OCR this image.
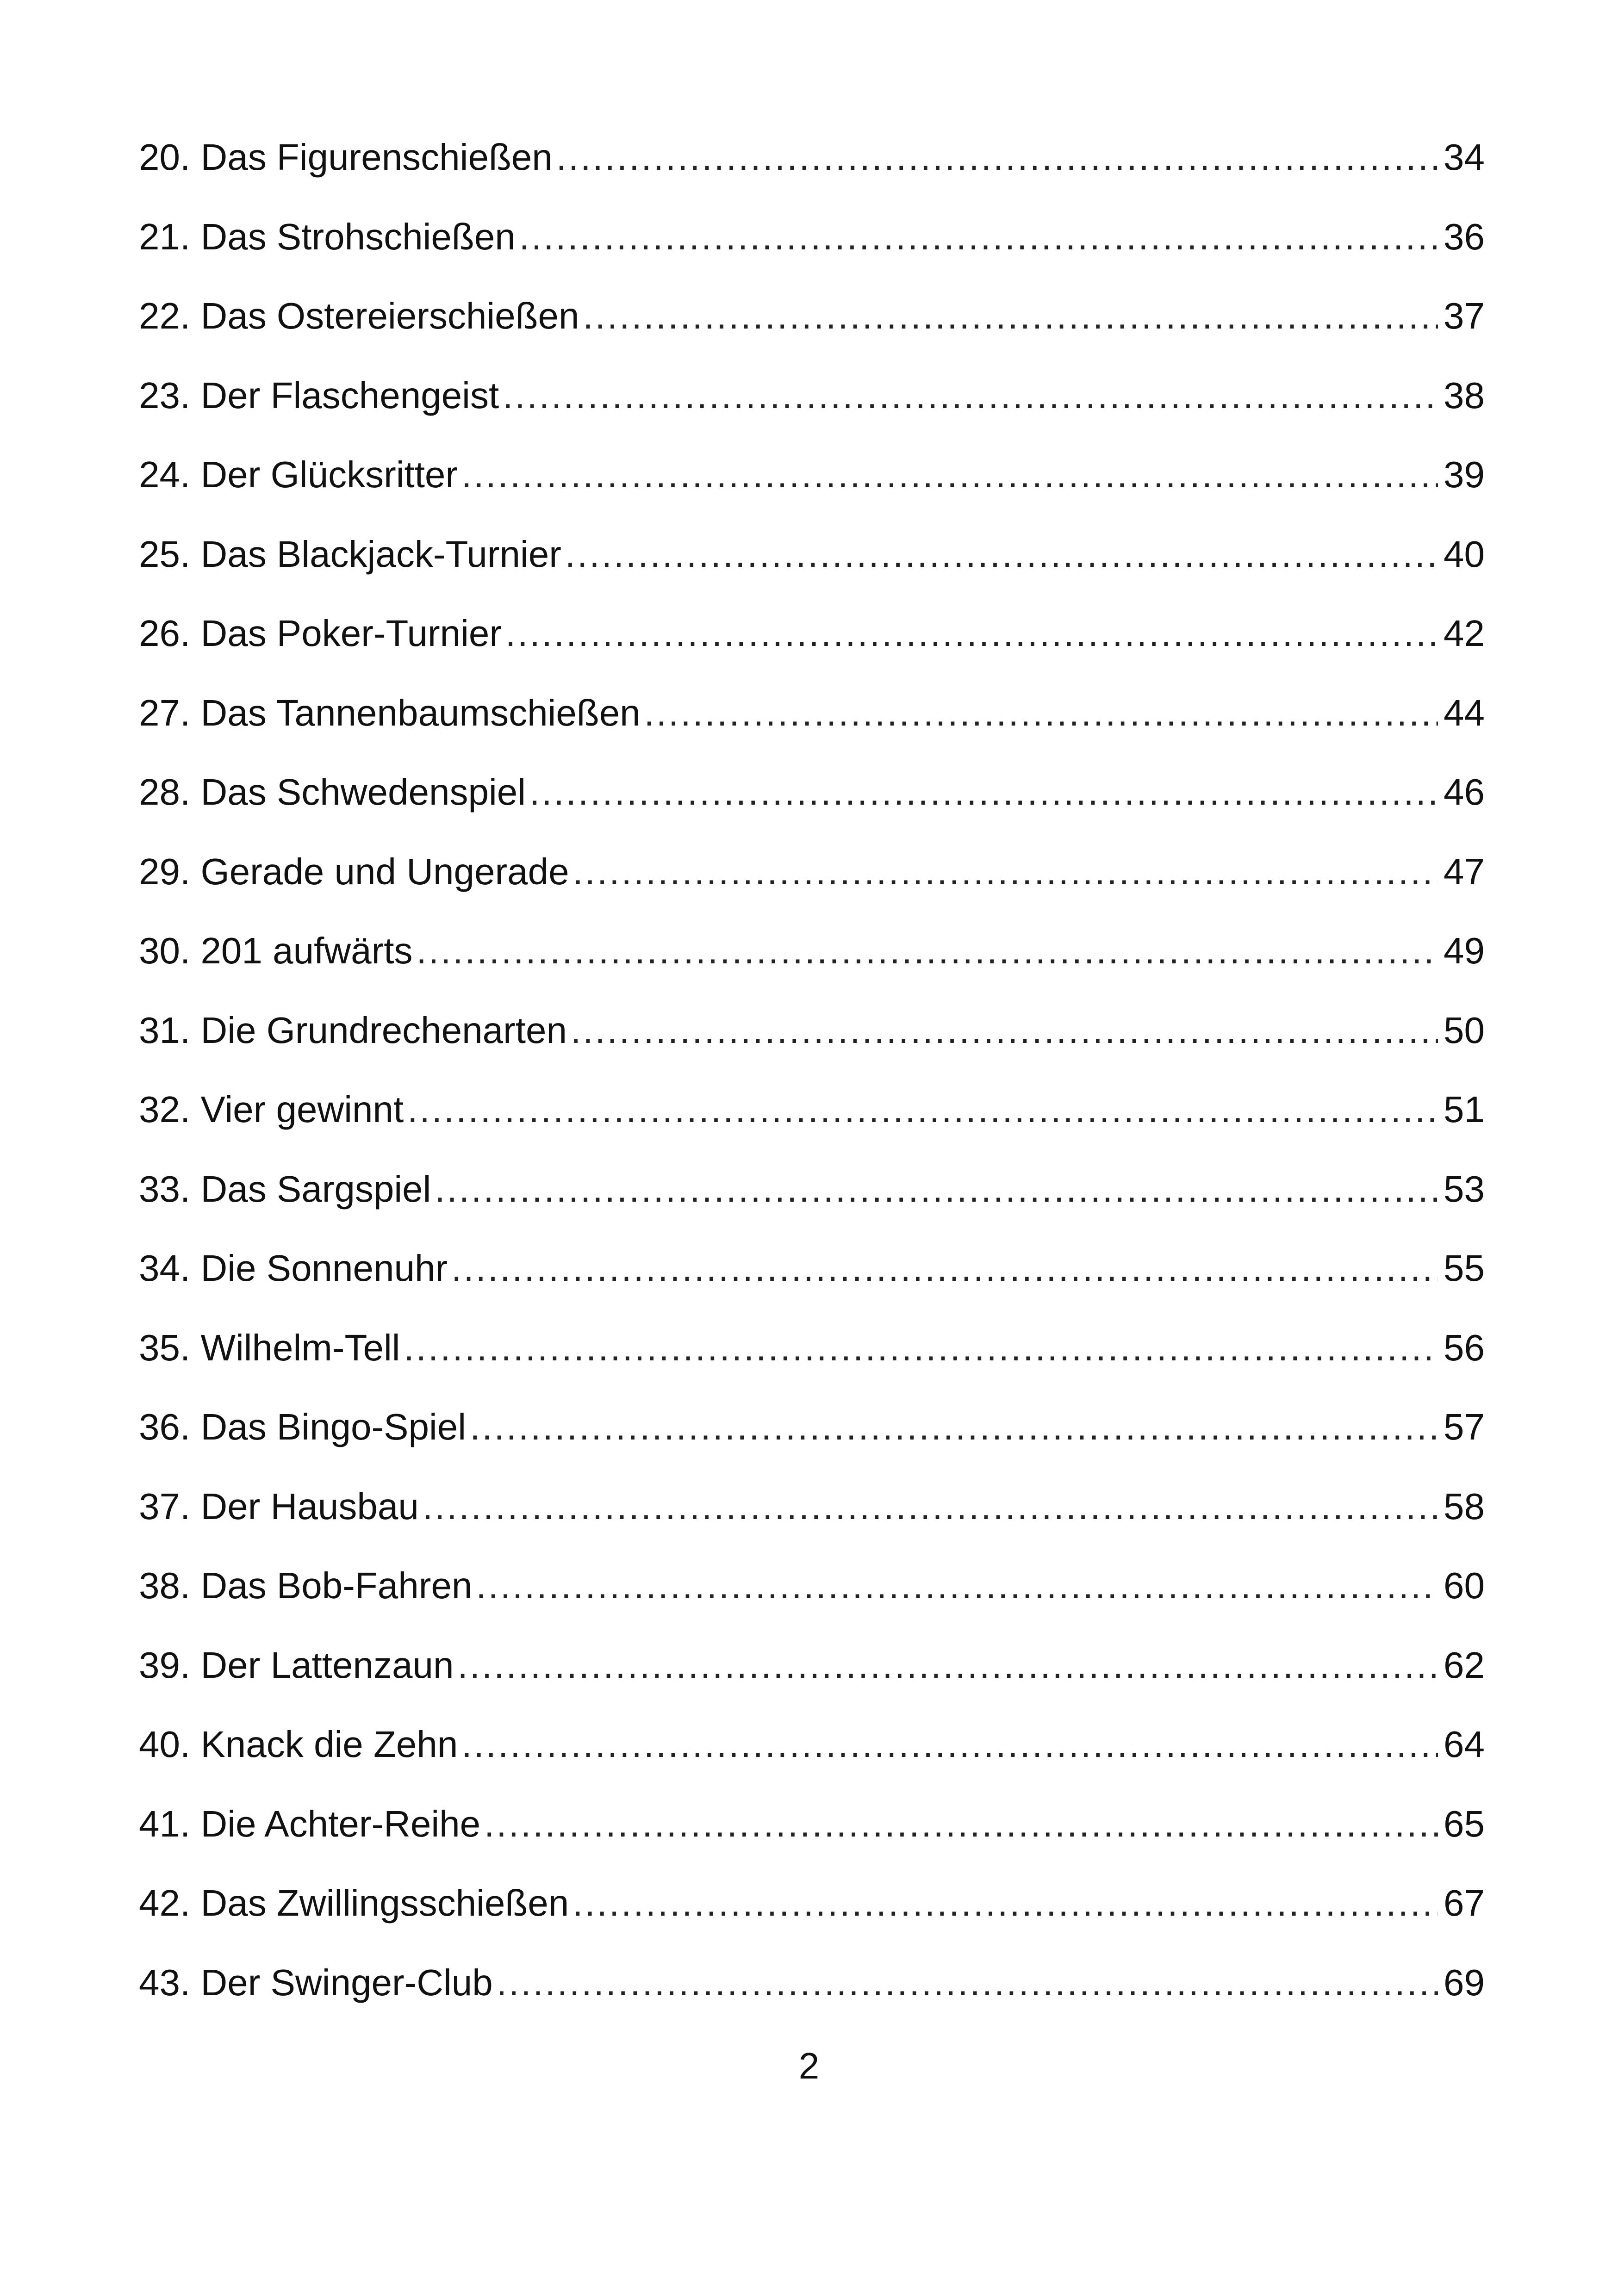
20. Das Figurenschießen .....	34
21. Das Strohschießen .....	36
22. Das Ostereierschießen .....	37
23. Der Flaschengeist .....	38
24. Der Glücksritter .....	39
25. Das Blackjack-Turnier .....	40
26. Das Poker-Turnier .....	42
27. Das Tannenbaumschießen .....	44
28. Das Schwedenspiel .....	46
29. Gerade und Ungerade .....	47
30. 201 aufwärts .....	49
31. Die Grundrechenarten .....	50
32. Vier gewinnt .....	51
33. Das Sargspiel .....	53
34. Die Sonnenuhr .....	55
35. Wilhelm-Tell .....	56
36. Das Bingo-Spiel .....	57
37. Der Hausbau .....	58
38. Das Bob-Fahren .....	60
39. Der Lattenzaun .....	62
40. Knack die Zehn .....	64
41. Die Achter-Reihe .....	65
42. Das Zwillingsschießen .....	67
43. Der Swinger-Club .....	69
2
